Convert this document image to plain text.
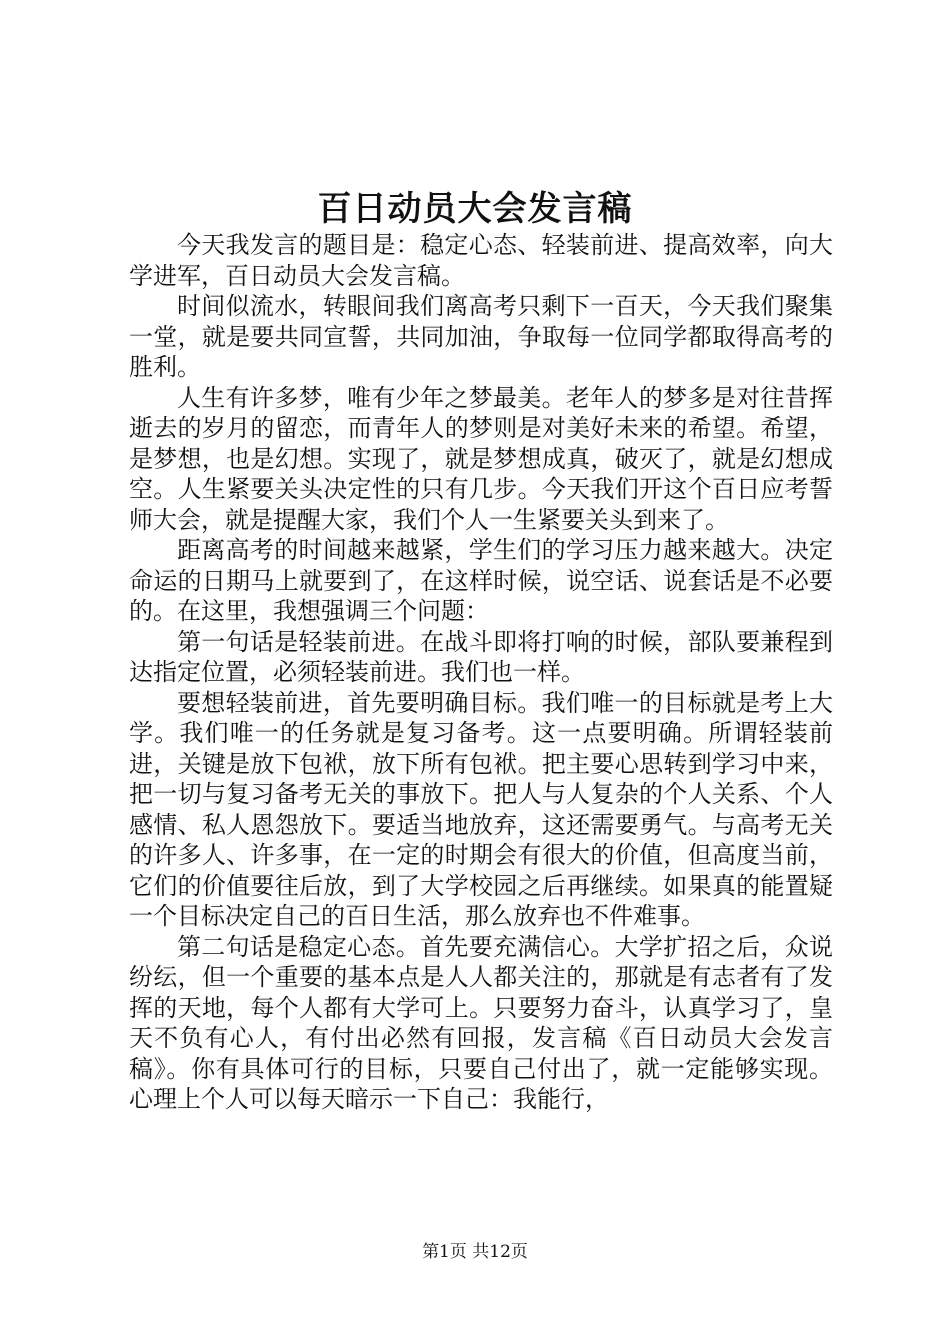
百日动员大会发言稿

今天我发言的题目是：稳定心态、轻装前进、提高效率，向大学进军，百日动员大会发言稿。

时间似流水，转眼间我们离高考只剩下一百天，今天我们聚集一堂，就是要共同宣誓，共同加油，争取每一位同学都取得高考的胜利。

人生有许多梦，唯有少年之梦最美。老年人的梦多是对往昔挥逝去的岁月的留恋，而青年人的梦则是对美好未来的希望。希望，是梦想，也是幻想。实现了，就是梦想成真，破灭了，就是幻想成空。人生紧要关头决定性的只有几步。今天我们开这个百日应考誓师大会，就是提醒大家，我们个人一生紧要关头到来了。

距离高考的时间越来越紧，学生们的学习压力越来越大。决定命运的日期马上就要到了，在这样时候，说空话、说套话是不必要的。在这里，我想强调三个问题：

第一句话是轻装前进。在战斗即将打响的时候，部队要兼程到达指定位置，必须轻装前进。我们也一样。

要想轻装前进，首先要明确目标。我们唯一的目标就是考上大学。我们唯一的任务就是复习备考。这一点要明确。所谓轻装前进，关键是放下包袱，放下所有包袱。把主要心思转到学习中来，把一切与复习备考无关的事放下。把人与人复杂的个人关系、个人感情、私人恩怨放下。要适当地放弃，这还需要勇气。与高考无关的许多人、许多事，在一定的时期会有很大的价值，但高度当前，它们的价值要往后放，到了大学校园之后再继续。如果真的能置疑一个目标决定自己的百日生活，那么放弃也不件难事。

第二句话是稳定心态。首先要充满信心。大学扩招之后，众说纷纭，但一个重要的基本点是人人都关注的，那就是有志者有了发挥的天地，每个人都有大学可上。只要努力奋斗，认真学习了，皇天不负有心人，有付出必然有回报，发言稿《百日动员大会发言稿》。你有具体可行的目标，只要自己付出了，就一定能够实现。心理上个人可以每天暗示一下自己：我能行，

第1页 共12页
